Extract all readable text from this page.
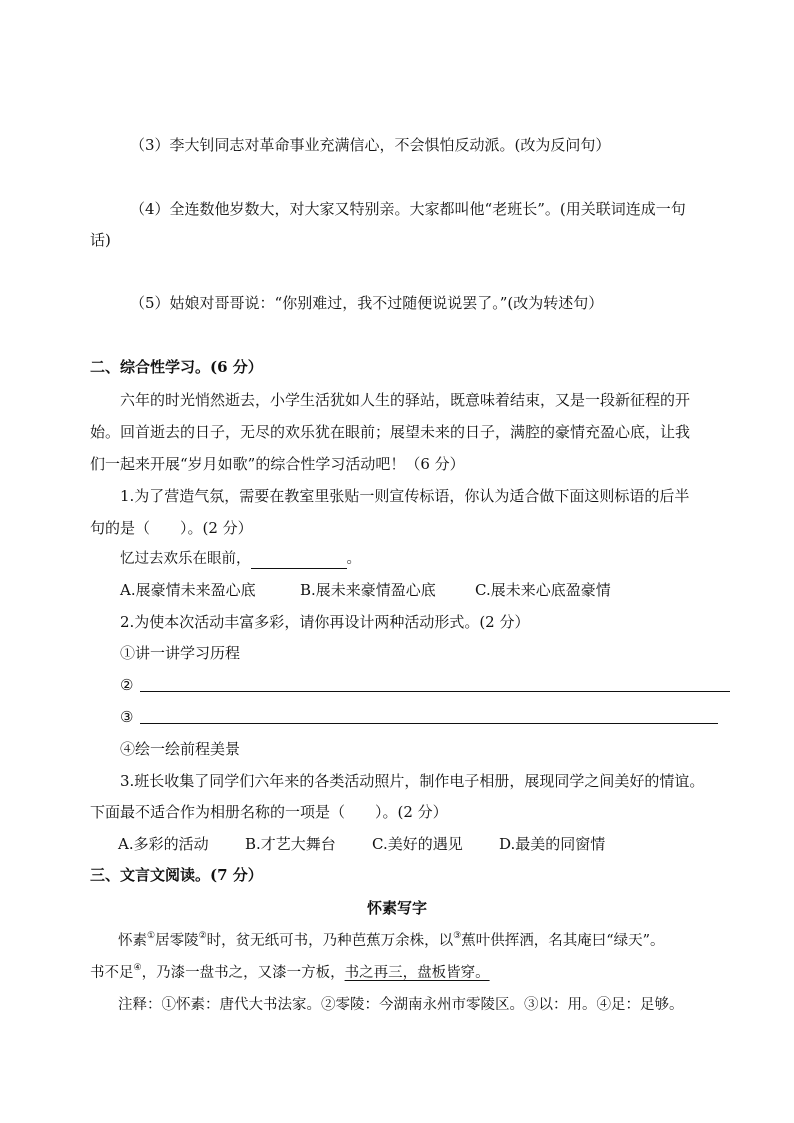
（3）李大钊同志对革命事业充满信心，不会惧怕反动派。(改为反问句）
（4）全连数他岁数大，对大家又特别亲。大家都叫他“老班长”。(用关联词连成一句
话)
（5）姑娘对哥哥说：“你别难过，我不过随便说说罢了。”(改为转述句）
二、综合性学习。(6 分）
六年的时光悄然逝去，小学生活犹如人生的驿站，既意味着结束，又是一段新征程的开
始。回首逝去的日子，无尽的欢乐犹在眼前；展望未来的日子，满腔的豪情充盈心底，让我
们一起来开展“岁月如歌”的综合性学习活动吧！（6 分）
1.为了营造气氛，需要在教室里张贴一则宣传标语，你认为适合做下面这则标语的后半
句的是（　　）。(2 分）
忆过去欢乐在眼前，	。
A.展豪情未来盈心底	B.展未来豪情盈心底	C.展未来心底盈豪情
2.为使本次活动丰富多彩，请你再设计两种活动形式。(2 分）
①讲一讲学习历程
②
③
④绘一绘前程美景
3.班长收集了同学们六年来的各类活动照片，制作电子相册，展现同学之间美好的情谊。
下面最不适合作为相册名称的一项是（　　）。(2 分）
A.多彩的活动 B.才艺大舞台 C.美好的遇见 D.最美的同窗情
三、文言文阅读。(7 分）
怀素写字
怀素①居零陵②时，贫无纸可书，乃种芭蕉万余株，以③蕉叶供挥洒，名其庵曰“绿天”。
书不足④，乃漆一盘书之，又漆一方板，书之再三，盘板皆穿。
注释：①怀素：唐代大书法家。②零陵：今湖南永州市零陵区。③以：用。④足：足够。
